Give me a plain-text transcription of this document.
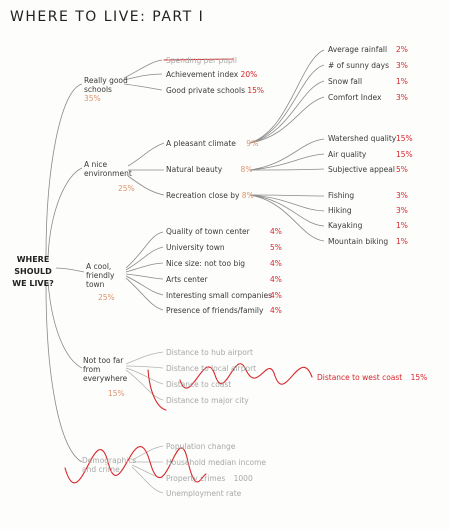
WHERE TO LIVE: PART I
WHERE SHOULD WE LIVE?
Really good schools 35%
Spending per pupil
Achievement index 20%
Good private schools 15%
A nice environment
25%
A pleasant climate 9%
Natural beauty 8%
Recreation close by 8%
Average rainfall 2%
# of sunny days 3%
Snow fall	1%
Comfort Index 3%
Watershed quality 15%
Air quality	15%
Subjective appeal 5%
Fishing	3%
Hiking	3%
Kayaking	1%
Mountain biking 1%
A cool, friendly town
25%
Quality of town center	4%
University town	5%
Nice size: not too big	4%
Arts center	4%
Interesting small companies
4%
Presence of friends/family 4%
Not too far from everywhere
15%
Distance to hub airport
Distance to local airport
Distance to coast
Distance to major city
Distance to west coast 15%
Demographics and crime
Population change
Household median income
Property crimes 1000
Unemployment rate
